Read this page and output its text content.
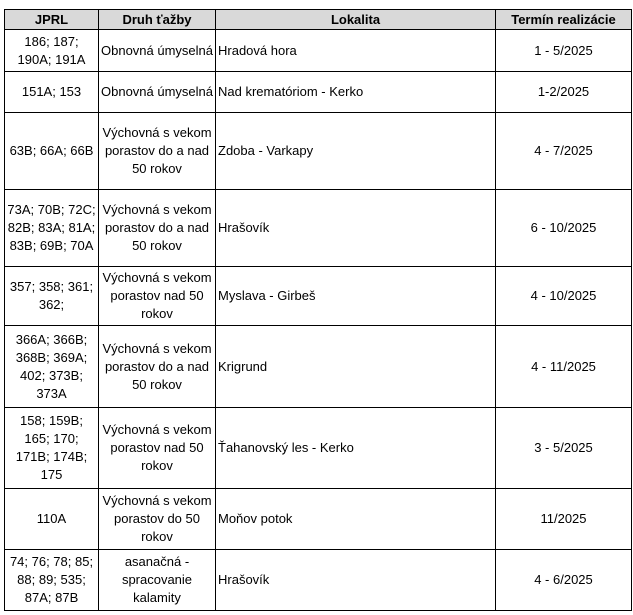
JPRL	Druh ťažby	Lokalita	Termín realizácie
186; 187; 190A; 191A	Obnovná úmyselná	Hradová hora	1 - 5/2025
151A; 153	Obnovná úmyselná	Nad krematóriom - Kerko	1-2/2025
63B; 66A; 66B	Výchovná s vekom porastov do a nad 50 rokov	Zdoba - Varkapy	4 - 7/2025
73A; 70B; 72C; 82B; 83A; 81A; 83B; 69B; 70A	Výchovná s vekom porastov do a nad 50 rokov	Hrašovík	6 - 10/2025
357; 358; 361; 362;	Výchovná s vekom porastov nad 50 rokov	Myslava - Girbeš	4 - 10/2025
366A; 366B; 368B; 369A; 402; 373B; 373A	Výchovná s vekom porastov do a nad 50 rokov	Krigrund	4 - 11/2025
158; 159B; 165; 170; 171B; 174B; 175	Výchovná s vekom porastov nad 50 rokov	Ťahanovský les - Kerko	3 - 5/2025
110A	Výchovná s vekom porastov do 50 rokov	Moňov potok	11/2025
74; 76; 78; 85; 88; 89; 535; 87A; 87B	asanačná - spracovanie kalamity	Hrašovík	4 - 6/2025
